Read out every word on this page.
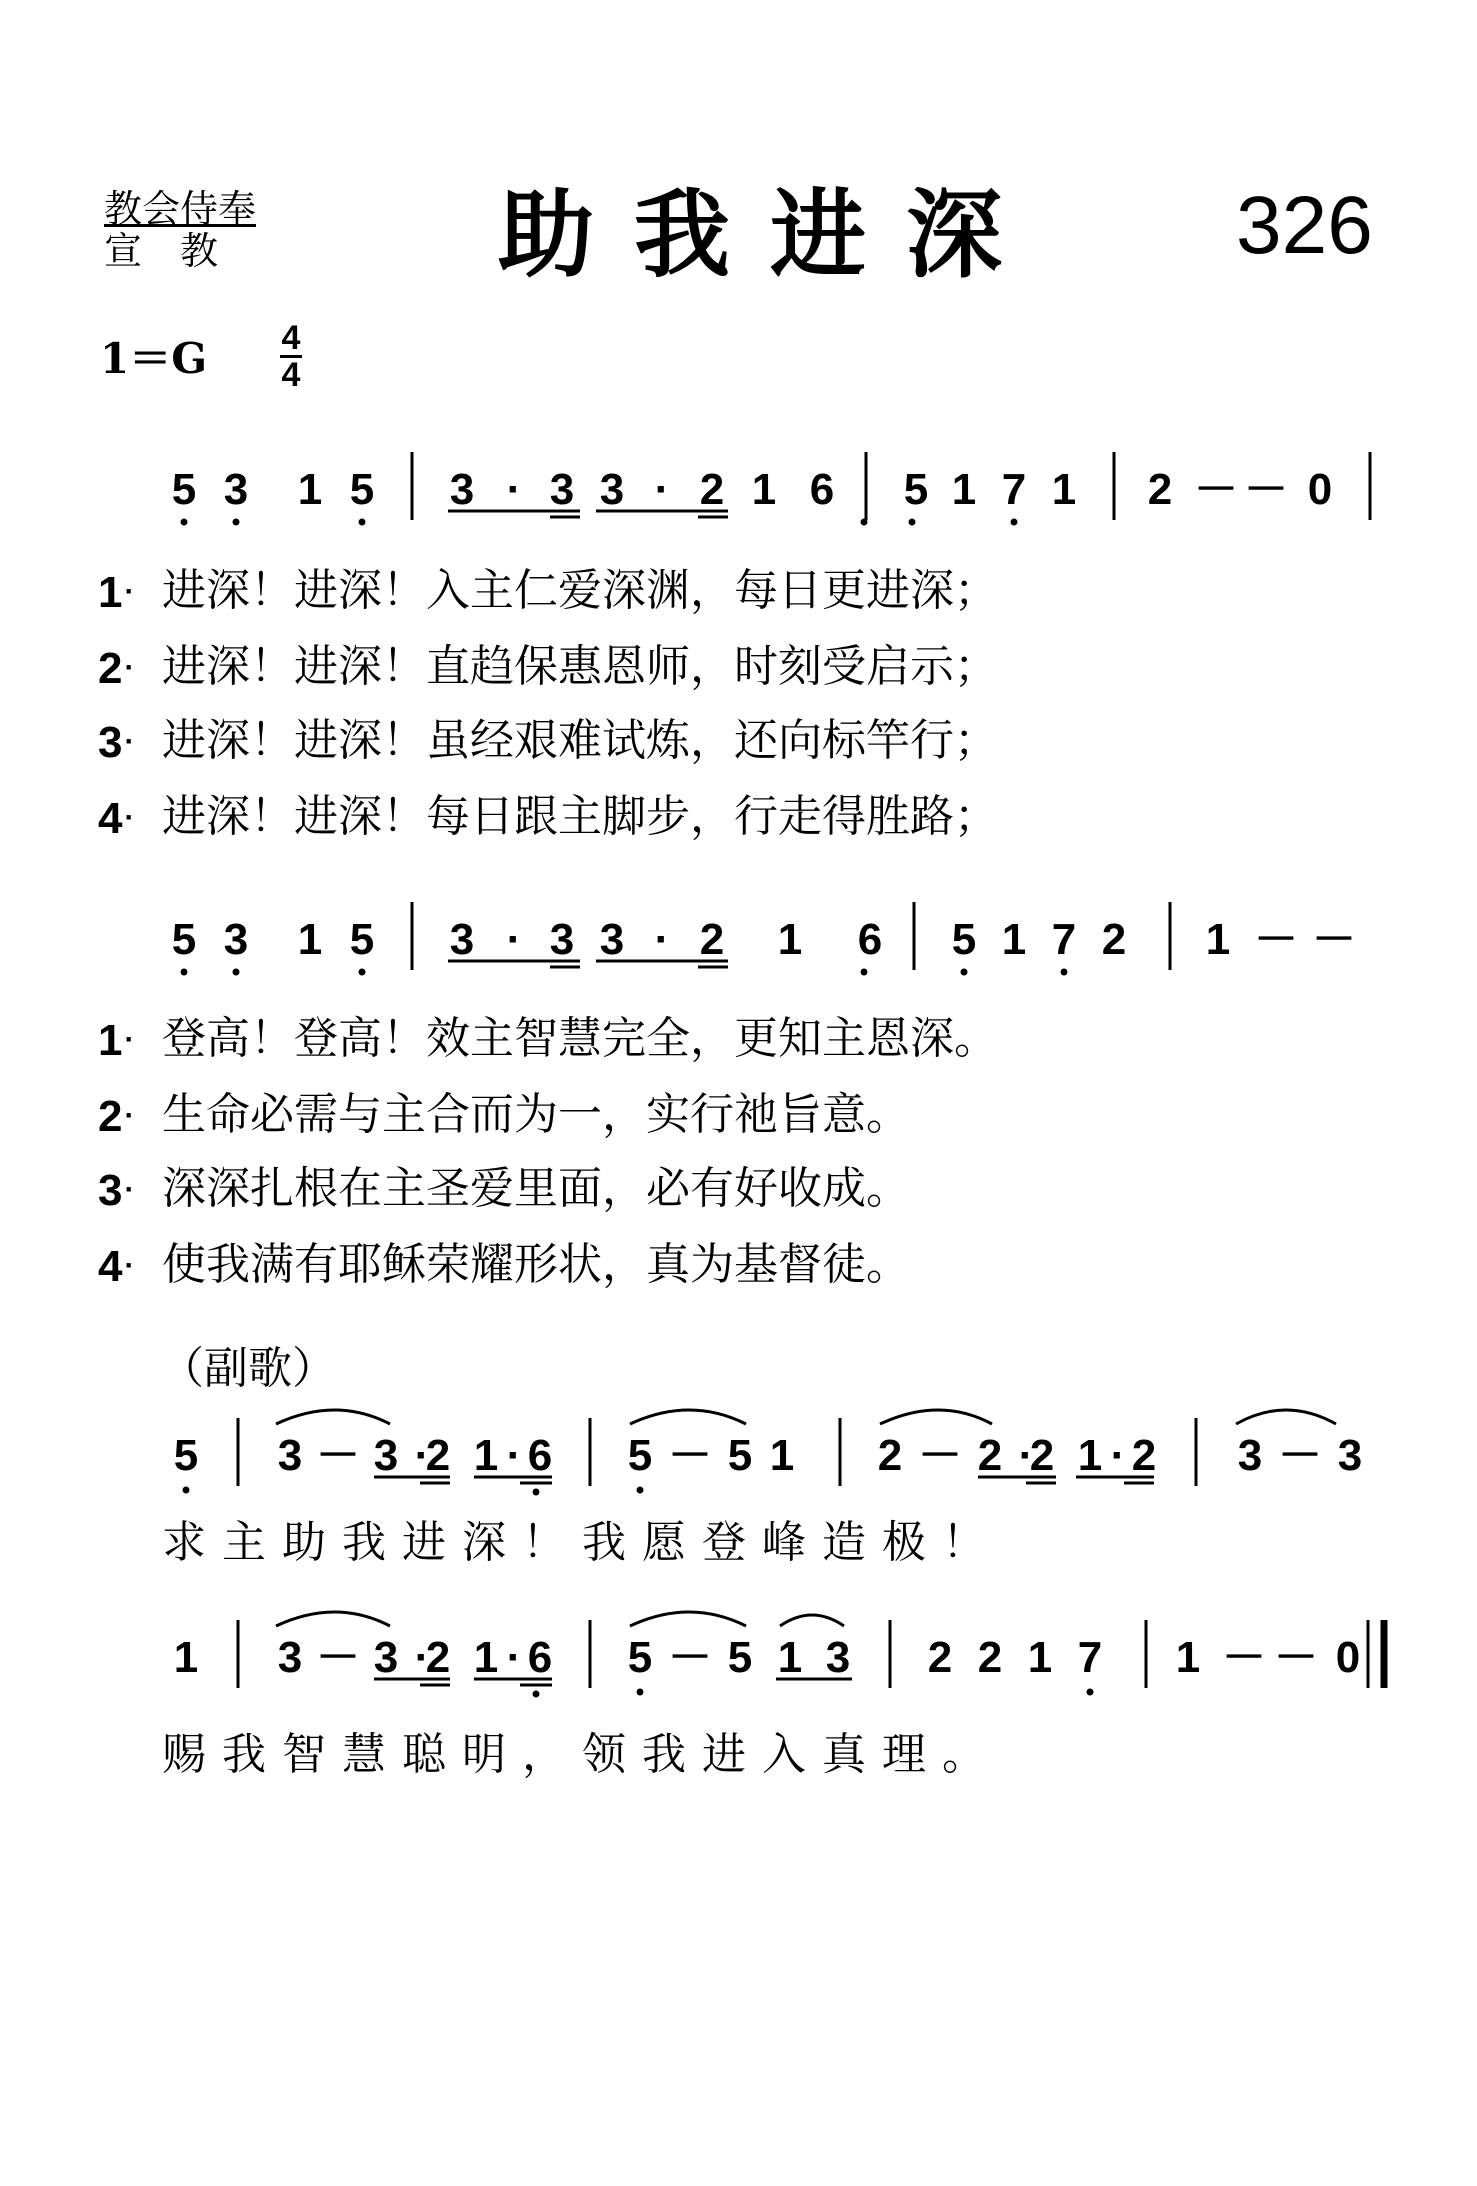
教会侍奉
宣　教	助我进深 326
1＝G 4
4
5 3 1 5 3 · 3 3 · 2 1 6 5 1 7 1 2 － － 0
5 3 1 5 3 · 3 3 · 2 1 6 5 1 7 2 1 － －
5 3 － 3 ·
2 1 · 6 5 － 5 1 2 － 2 ·
2 1 · 2 3 － 3
1 3 － 3 ·
2 1 · 6 5 － 5 1 3 2 2 1 7 1 － － 0
1·
2·
3·
4·
进深！进深！入主仁爱深渊，每日更进深；
进深！进深！直趋保惠恩师，时刻受启示；
进深！进深！虽经艰难试炼，还向标竿行；
进深！进深！每日跟主脚步，行走得胜路；
1·
2·
3·
4·
登高！登高！效主智慧完全，更知主恩深。
生命必需与主合而为一，实行祂旨意。
深深扎根在主圣爱里面，必有好收成。
使我满有耶稣荣耀形状，真为基督徒。
（副歌）
求主助我进深！我愿登峰造极！
赐我智慧聪明，领我进入真理。
